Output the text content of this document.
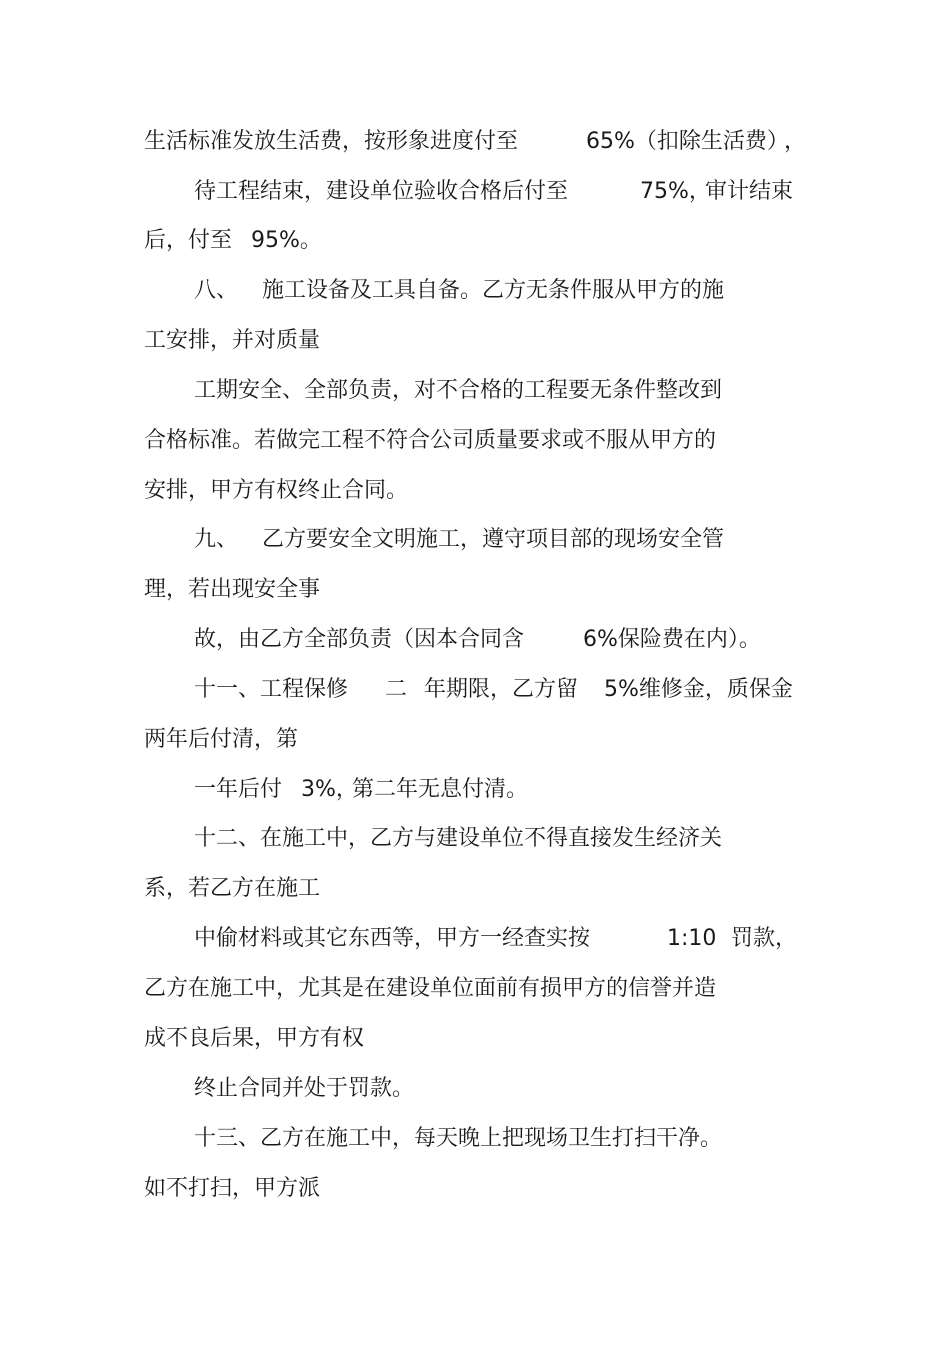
生活标准发放生活费，按形象进度付至

	65%（扣除生活费）

，

待工程结束，建设单位验收合格后付至

	75%，

审计结束

后，付至

95%。

八、

施工设备及工具自备。乙方无条件服从甲方的施

工安排，并对质量

工期安全、全部负责，对不合格的工程要无条件整改到

合格标准。若做完工程不符合公司质量要求或不服从甲方的

安排，甲方有权终止合同。

九、

乙方要安全文明施工，遵守项目部的现场安全管

理，若出现安全事

故，由乙方全部负责（因本合同含

	6%保险费在内）。

十一、工程保修

二

年期限，乙方留

5%维修金，质保金

两年后付清，第

一年后付

3%，

第二年无息付清。

十二、在施工中，乙方与建设单位不得直接发生经济关

系，若乙方在施工

中偷材料或其它东西等，甲方一经查实按

	1:10

罚款，

乙方在施工中，尤其是在建设单位面前有损甲方的信誉并造

成不良后果，甲方有权

终止合同并处于罚款。

十三、乙方在施工中，每天晚上把现场卫生打扫干净。

如不打扫，甲方派
